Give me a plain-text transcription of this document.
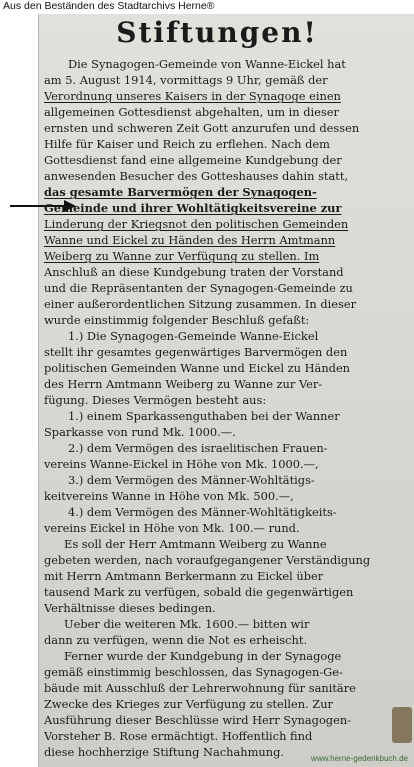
Aus den Beständen des Stadtarchivs Herne®
Stiftungen!

Die Synagogen-Gemeinde von Wanne-Eickel hat

am 5. August 1914, vormittags 9 Uhr, gemäß der

Verordnung unseres Kaisers in der Synagoge einen

allgemeinen Gottesdienst abgehalten, um in dieser

ernsten und schweren Zeit Gott anzurufen und dessen

Hilfe für Kaiser und Reich zu erflehen. Nach dem

Gottesdienst fand eine allgemeine Kundgebung der

anwesenden Besucher des Gotteshauses dahin statt,

das gesamte Barvermögen der Synagogen-

Gemeinde und ihrer Wohltätigkeitsvereine zur

Linderung der Kriegsnot den politischen Gemeinden

Wanne und Eickel zu Händen des Herrn Amtmann

Weiberg zu Wanne zur Verfügung zu stellen. Im

Anschluß an diese Kundgebung traten der Vorstand

und die Repräsentanten der Synagogen-Gemeinde zu

einer außerordentlichen Sitzung zusammen. In dieser

wurde einstimmig folgender Beschluß gefaßt:

1.) Die Synagogen-Gemeinde Wanne-Eickel

stellt ihr gesamtes gegenwärtiges Barvermögen den

politischen Gemeinden Wanne und Eickel zu Händen

des Herrn Amtmann Weiberg zu Wanne zur Ver-

fügung. Dieses Vermögen besteht aus:

1.) einem Sparkassenguthaben bei der Wanner

Sparkasse von rund Mk. 1000.—.

2.) dem Vermögen des israelitischen Frauen-

vereins Wanne-Eickel in Höhe von Mk. 1000.—,

3.) dem Vermögen des Männer-Wohltätigs-

keitvereins Wanne in Höhe von Mk. 500.—,

4.) dem Vermögen des Männer-Wohltätigkeits-

vereins Eickel in Höhe von Mk. 100.— rund.

Es soll der Herr Amtmann Weiberg zu Wanne

gebeten werden, nach voraufgegangener Verständigung

mit Herrn Amtmann Berkermann zu Eickel über

tausend Mark zu verfügen, sobald die gegenwärtigen

Verhältnisse dieses bedingen.

Ueber die weiteren Mk. 1600.— bitten wir

dann zu verfügen, wenn die Not es erheischt.

Ferner wurde der Kundgebung in der Synagoge

gemäß einstimmig beschlossen, das Synagogen-Ge-

bäude mit Ausschluß der Lehrerwohnung für sanitäre

Zwecke des Krieges zur Verfügung zu stellen. Zur

Ausführung dieser Beschlüsse wird Herr Synagogen-

Vorsteher B. Rose ermächtigt. Hoffentlich find

diese hochherzige Stiftung Nachahmung.	www.herne-gedenkbuch.de
